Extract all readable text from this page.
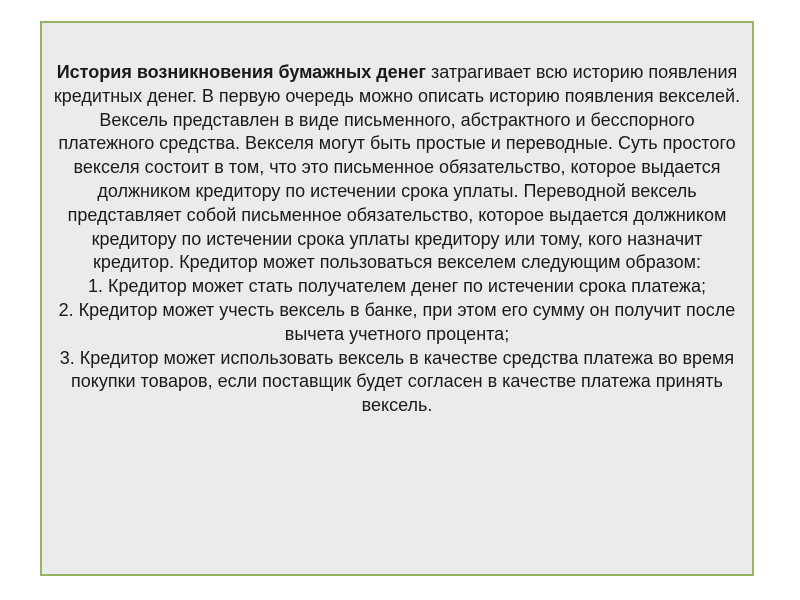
История возникновения бумажных денег затрагивает всю историю появления кредитных денег. В первую очередь можно описать историю появления векселей. Вексель представлен в виде письменного, абстрактного и бесспорного платежного средства. Векселя могут быть простые и переводные. Суть простого векселя состоит в том, что это письменное обязательство, которое выдается должником кредитору по истечении срока уплаты. Переводной вексель представляет собой письменное обязательство, которое выдается должником кредитору по истечении срока уплаты кредитору или тому, кого назначит кредитор. Кредитор может пользоваться векселем следующим образом:

1. Кредитор может стать получателем денег по истечении срока платежа;

2. Кредитор может учесть вексель в банке, при этом его сумму он получит после вычета учетного процента;

3. Кредитор может использовать вексель в качестве средства платежа во время покупки товаров, если поставщик будет согласен в качестве платежа принять вексель.
